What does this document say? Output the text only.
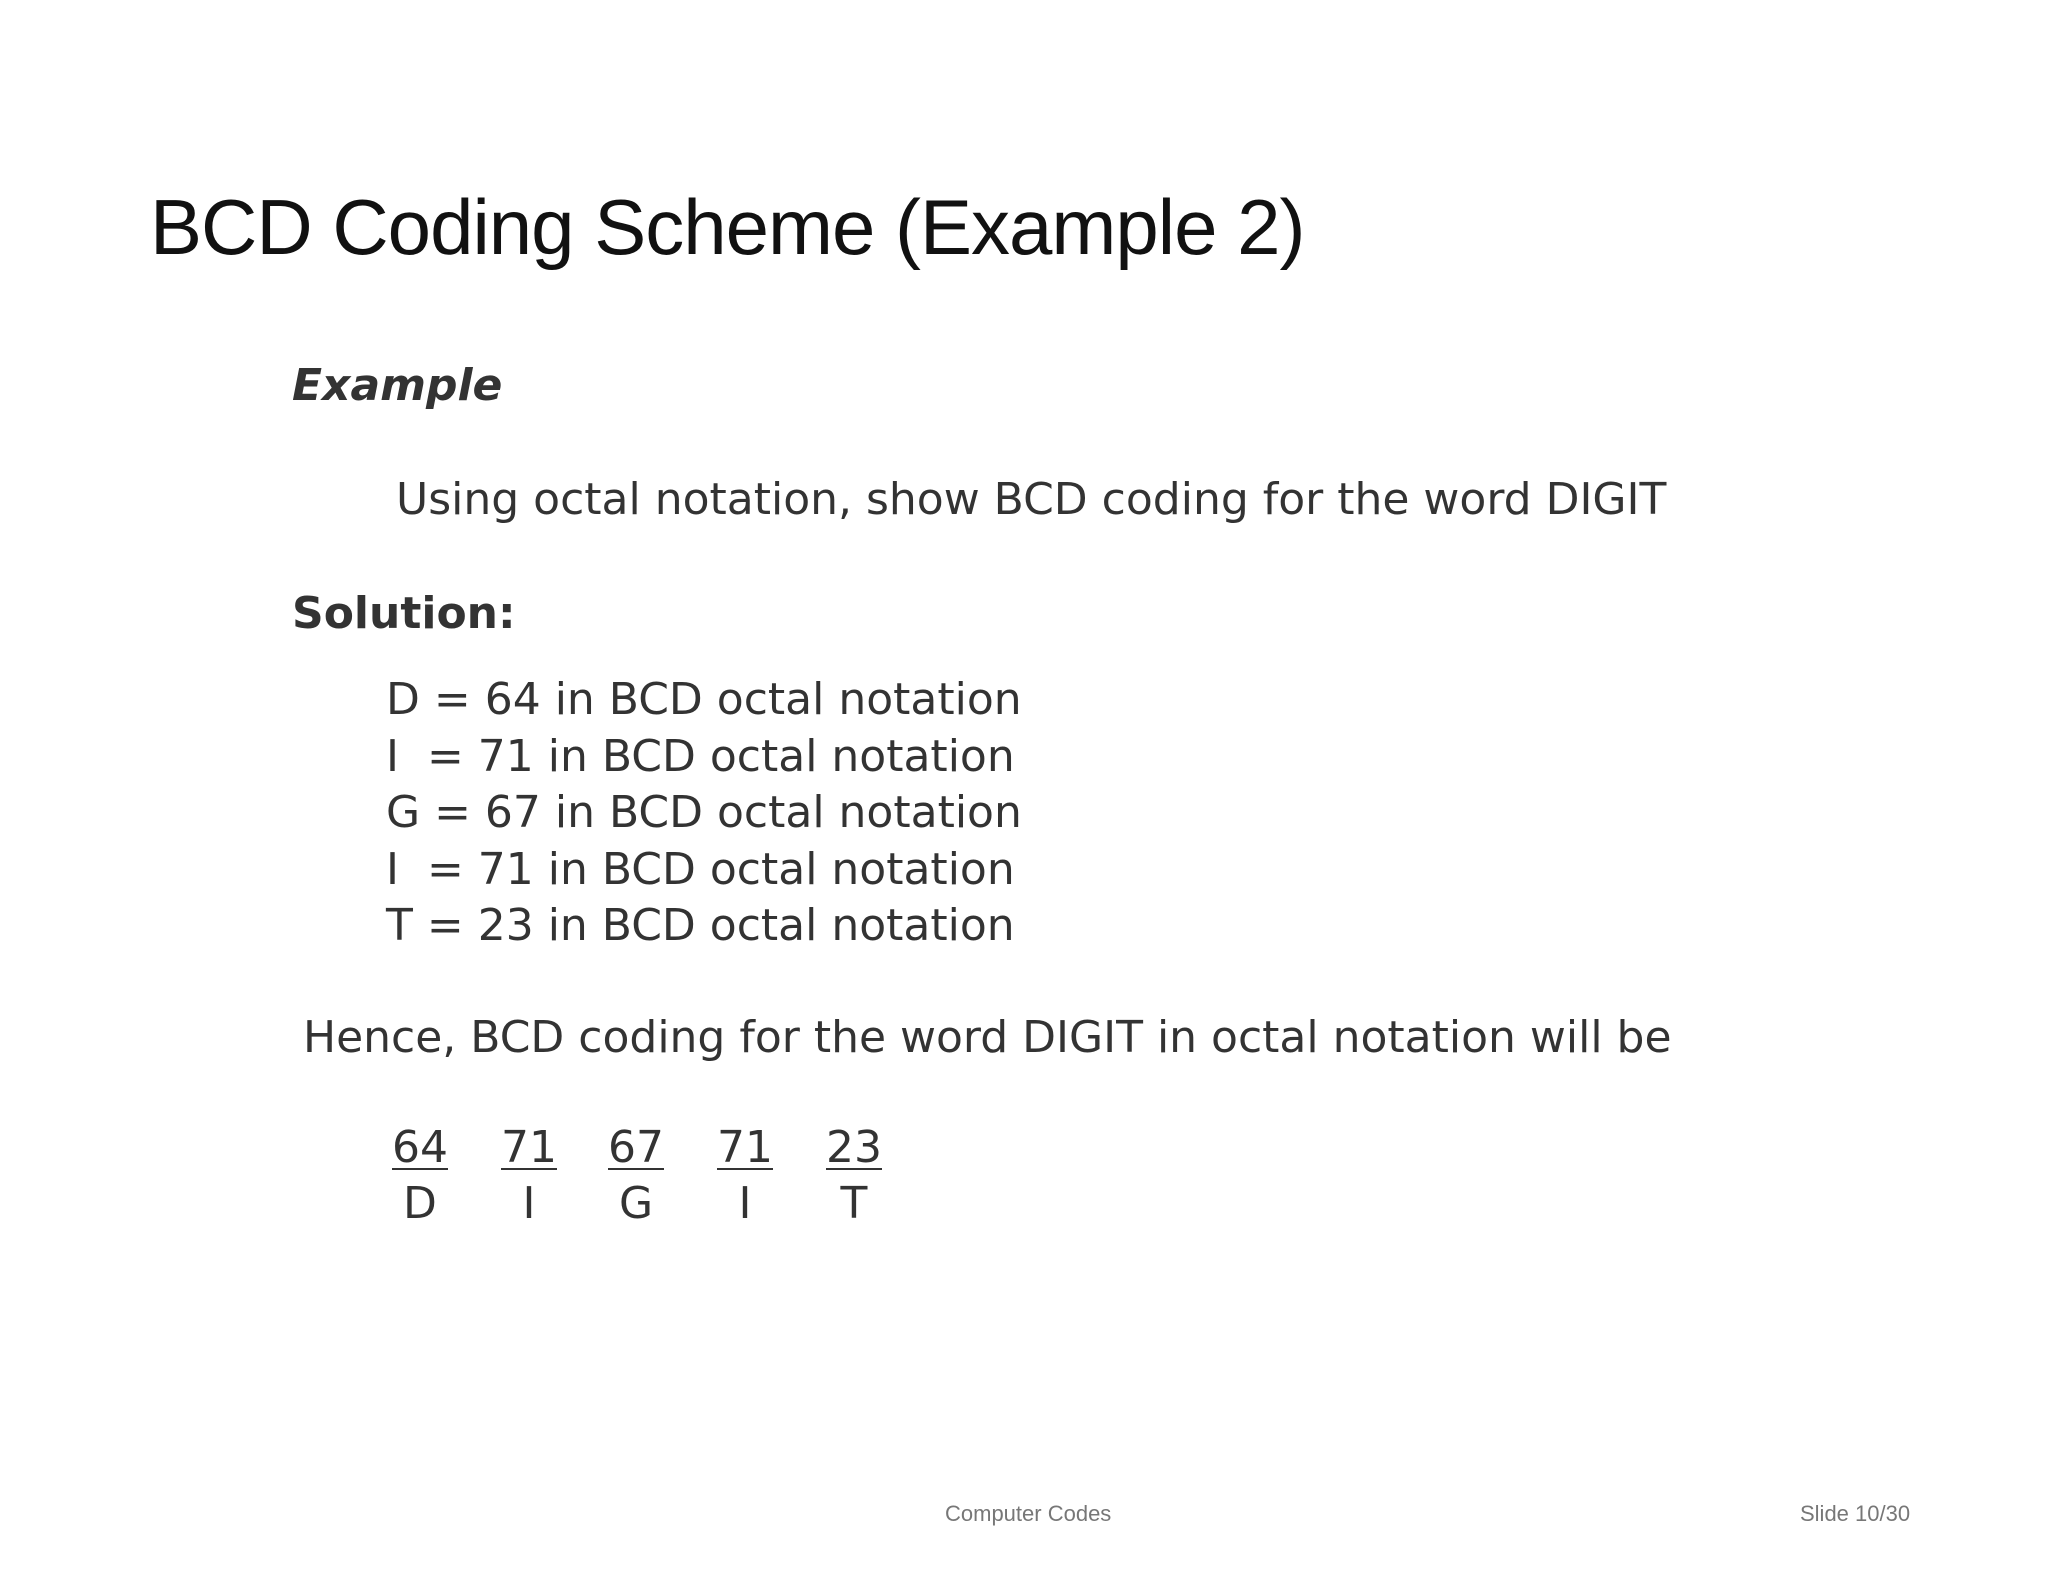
BCD Coding Scheme (Example 2)
Example
Using octal notation, show BCD coding for the word DIGIT
Solution:
D = 64 in BCD octal notation
I  = 71 in BCD octal notation
G = 67 in BCD octal notation
I  = 71 in BCD octal notation
T = 23 in BCD octal notation
Hence, BCD coding for the word DIGIT in octal notation will be
64
D
71
I
67
G
71
I
23
T
Computer Codes	Slide 10/30
